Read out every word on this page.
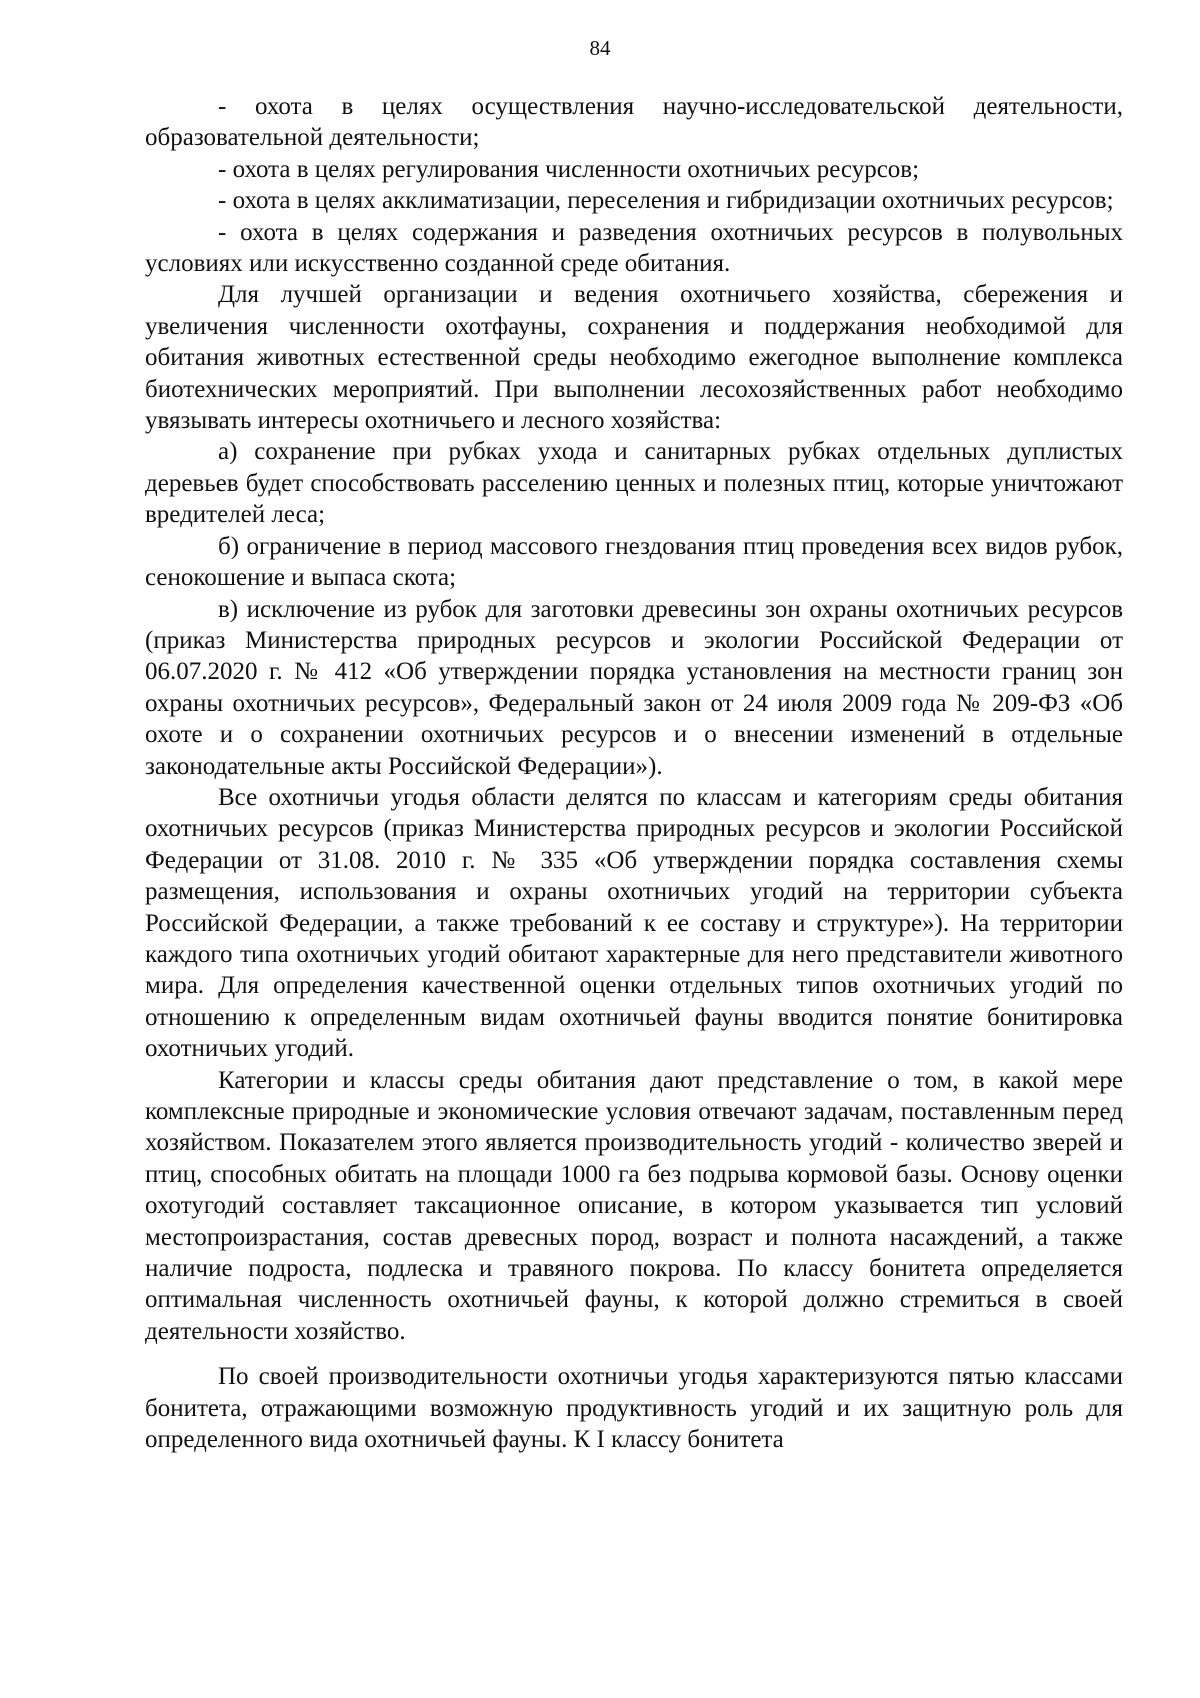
84

- охота в целях осуществления научно-исследовательской деятельности, образовательной деятельности;

- охота в целях регулирования численности охотничьих ресурсов;

- охота в целях акклиматизации, переселения и гибридизации охотничьих ресурсов;

- охота в целях содержания и разведения охотничьих ресурсов в полувольных условиях или искусственно созданной среде обитания.

Для лучшей организации и ведения охотничьего хозяйства, сбережения и увеличения численности охотфауны, сохранения и поддержания необходимой для обитания животных естественной среды необходимо ежегодное выполнение комплекса биотехнических мероприятий. При выполнении лесохозяйственных работ необходимо увязывать интересы охотничьего и лесного хозяйства:

а) сохранение при рубках ухода и санитарных рубках отдельных дуплистых деревьев будет способствовать расселению ценных и полезных птиц, которые уничтожают вредителей леса;

б) ограничение в период массового гнездования птиц проведения всех видов рубок, сенокошение и выпаса скота;

в) исключение из рубок для заготовки древесины зон охраны охотничьих ресурсов (приказ Министерства природных ресурсов и экологии Российской Федерации от 06.07.2020 г. № 412 «Об утверждении порядка установления на местности границ зон охраны охотничьих ресурсов», Федеральный закон от 24 июля 2009 года № 209-ФЗ «Об охоте и о сохранении охотничьих ресурсов и о внесении изменений в отдельные законодательные акты Российской Федерации»).

Все охотничьи угодья области делятся по классам и категориям среды обитания охотничьих ресурсов (приказ Министерства природных ресурсов и экологии Российской Федерации от 31.08. 2010 г. № 335 «Об утверждении порядка составления схемы размещения, использования и охраны охотничьих угодий на территории субъекта Российской Федерации, а также требований к ее составу и структуре»). На территории каждого типа охотничьих угодий обитают характерные для него представители животного мира. Для определения качественной оценки отдельных типов охотничьих угодий по отношению к определенным видам охотничьей фауны вводится понятие бонитировка охотничьих угодий.

Категории и классы среды обитания дают представление о том, в какой мере комплексные природные и экономические условия отвечают задачам, поставленным перед хозяйством. Показателем этого является производительность угодий - количество зверей и птиц, способных обитать на площади 1000 га без подрыва кормовой базы. Основу оценки охотугодий составляет таксационное описание, в котором указывается тип условий местопроизрастания, состав древесных пород, возраст и полнота насаждений, а также наличие подроста, подлеска и травяного покрова. По классу бонитета определяется оптимальная численность охотничьей фауны, к которой должно стремиться в своей деятельности хозяйство.

По своей производительности охотничьи угодья характеризуются пятью классами бонитета, отражающими возможную продуктивность угодий и их защитную роль для определенного вида охотничьей фауны. К I классу бонитета
